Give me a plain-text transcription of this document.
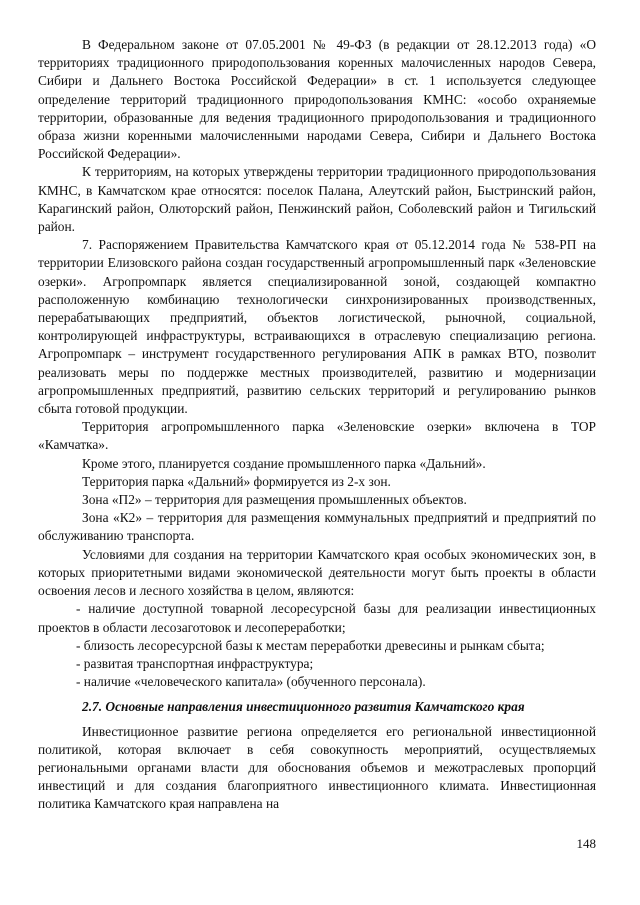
В Федеральном законе от 07.05.2001 № 49-ФЗ (в редакции от 28.12.2013 года) «О территориях традиционного природопользования коренных малочисленных народов Севера, Сибири и Дальнего Востока Российской Федерации» в ст. 1 используется следующее определение территорий традиционного природопользования КМНС: «особо охраняемые территории, образованные для ведения традиционного природопользования и традиционного образа жизни коренными малочисленными народами Севера, Сибири и Дальнего Востока Российской Федерации».

К территориям, на которых утверждены территории традиционного природопользования КМНС, в Камчатском крае относятся: поселок Палана, Алеутский район, Быстринский район, Карагинский район, Олюторский район, Пенжинский район, Соболевский район и Тигильский район.

7. Распоряжением Правительства Камчатского края от 05.12.2014 года № 538-РП на территории Елизовского района создан государственный агропромышленный парк «Зеленовские озерки». Агропромпарк является специализированной зоной, создающей компактно расположенную комбинацию технологически синхронизированных производственных, перерабатывающих предприятий, объектов логистической, рыночной, социальной, контролирующей инфраструктуры, встраивающихся в отраслевую специализацию региона. Агропромпарк – инструмент государственного регулирования АПК в рамках ВТО, позволит реализовать меры по поддержке местных производителей, развитию и модернизации агропромышленных предприятий, развитию сельских территорий и регулированию рынков сбыта готовой продукции.

Территория агропромышленного парка «Зеленовские озерки» включена в ТОР «Камчатка».

Кроме этого, планируется создание промышленного парка «Дальний».

Территория парка «Дальний» формируется из 2-х зон.

Зона «П2» – территория для размещения промышленных объектов.

Зона «К2» – территория для размещения коммунальных предприятий и предприятий по обслуживанию транспорта.

Условиями для создания на территории Камчатского края особых экономических зон, в которых приоритетными видами экономической деятельности могут быть проекты в области освоения лесов и лесного хозяйства в целом, являются:

- наличие доступной товарной лесоресурсной базы для реализации инвестиционных проектов в области лесозаготовок и лесопереработки;

- близость лесоресурсной базы к местам переработки древесины и рынкам сбыта;

- развитая транспортная инфраструктура;

- наличие «человеческого капитала» (обученного персонала).

2.7. Основные направления инвестиционного развития Камчатского края

Инвестиционное развитие региона определяется его региональной инвестиционной политикой, которая включает в себя совокупность мероприятий, осуществляемых региональными органами власти для обоснования объемов и межотраслевых пропорций инвестиций и для создания благоприятного инвестиционного климата. Инвестиционная политика Камчатского края направлена на

148
